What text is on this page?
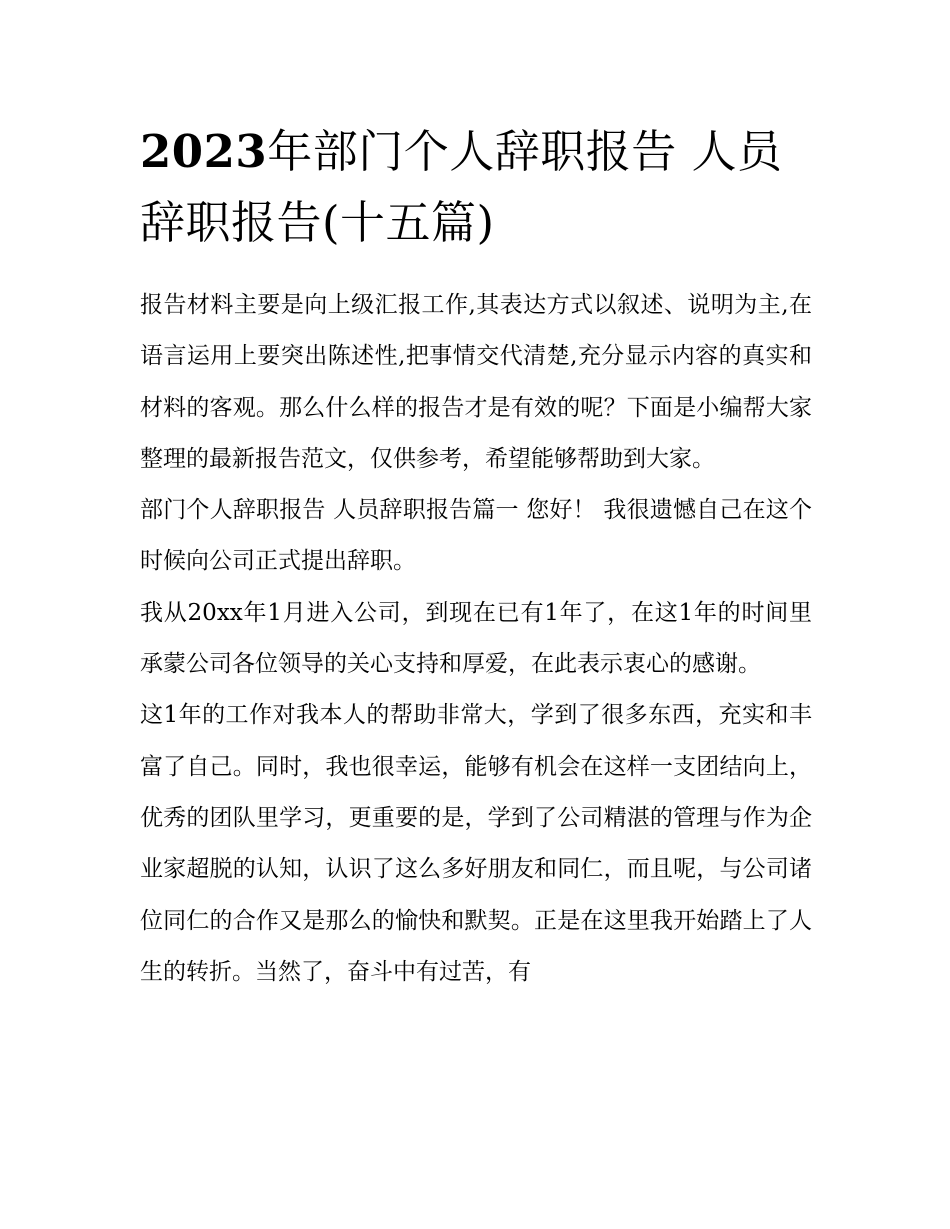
2023年部门个人辞职报告 人员辞职报告(十五篇)

报告材料主要是向上级汇报工作,其表达方式以叙述、说明为主,在语言运用上要突出陈述性,把事情交代清楚,充分显示内容的真实和材料的客观。那么什么样的报告才是有效的呢？下面是小编帮大家整理的最新报告范文，仅供参考，希望能够帮助到大家。

部门个人辞职报告 人员辞职报告篇一 您好！ 我很遗憾自己在这个时候向公司正式提出辞职。

我从20xx年1月进入公司，到现在已有1年了，在这1年的时间里承蒙公司各位领导的关心支持和厚爱，在此表示衷心的感谢。

这1年的工作对我本人的帮助非常大，学到了很多东西，充实和丰富了自己。同时，我也很幸运，能够有机会在这样一支团结向上，优秀的团队里学习，更重要的是，学到了公司精湛的管理与作为企业家超脱的认知，认识了这么多好朋友和同仁，而且呢，与公司诸位同仁的合作又是那么的愉快和默契。正是在这里我开始踏上了人生的转折。当然了，奋斗中有过苦，有
